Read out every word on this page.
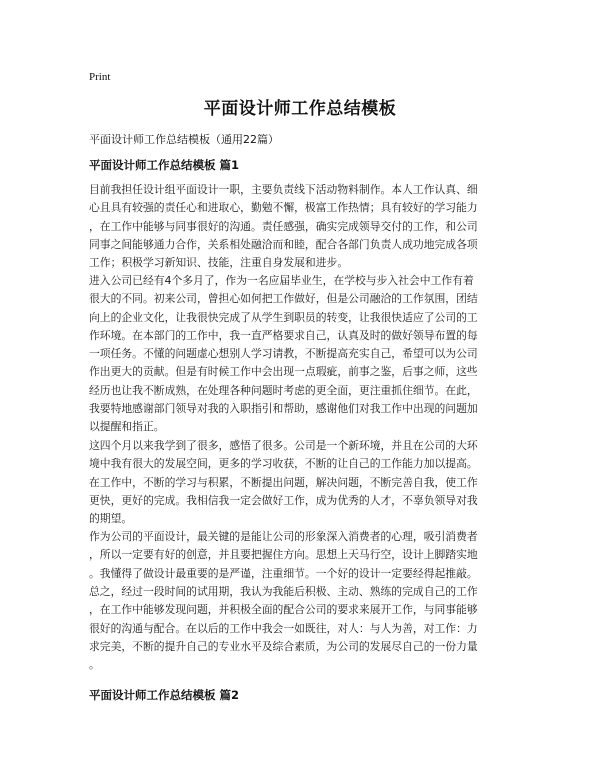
Print
平面设计师工作总结模板
平面设计师工作总结模板（通用22篇）
平面设计师工作总结模板 篇1

目前我担任设计组平面设计一职，主要负责线下活动物料制作。本人工作认真、细
心且具有较强的责任心和进取心，勤勉不懈，极富工作热情；具有较好的学习能力
，在工作中能够与同事很好的沟通。责任感强，确实完成领导交付的工作，和公司
同事之间能够通力合作，关系相处融洽而和睦，配合各部门负责人成功地完成各项
工作；积极学习新知识、技能，注重自身发展和进步。

进入公司已经有4个多月了，作为一名应届毕业生，在学校与步入社会中工作有着
很大的不同。初来公司，曾担心如何把工作做好，但是公司融洽的工作氛围，团结
向上的企业文化，让我很快完成了从学生到职员的转变，让我很快适应了公司的工
作环境。在本部门的工作中，我一直严格要求自己，认真及时的做好领导布置的每
一项任务。不懂的问题虚心想别人学习请教，不断提高充实自己，希望可以为公司
作出更大的贡献。但是有时候工作中会出现一点瑕疵，前事之鉴，后事之师，这些
经历也让我不断成熟，在处理各种问题时考虑的更全面，更注重抓住细节。在此，
我要特地感谢部门领导对我的入职指引和帮助，感谢他们对我工作中出现的问题加
以提醒和指正。

这四个月以来我学到了很多，感悟了很多。公司是一个新环境，并且在公司的大环
境中我有很大的发展空间，更多的学习收获，不断的让自己的工作能力加以提高。
在工作中，不断的学习与积累，不断提出问题，解决问题，不断完善自我，使工作
更快，更好的完成。我相信我一定会做好工作，成为优秀的人才，不辜负领导对我
的期望。

作为公司的平面设计，最关键的是能让公司的形象深入消费者的心理，吸引消费者
，所以一定要有好的创意，并且要把握住方向。思想上天马行空，设计上脚踏实地
。我懂得了做设计最重要的是严谨，注重细节。一个好的设计一定要经得起推敲。

总之，经过一段时间的试用期，我认为我能后积极、主动、熟练的完成自己的工作
，在工作中能够发现问题，并积极全面的配合公司的要求来展开工作，与同事能够
很好的沟通与配合。在以后的工作中我会一如既往，对人：与人为善，对工作：力
求完美，不断的提升自己的专业水平及综合素质，为公司的发展尽自己的一份力量
。

平面设计师工作总结模板 篇2
